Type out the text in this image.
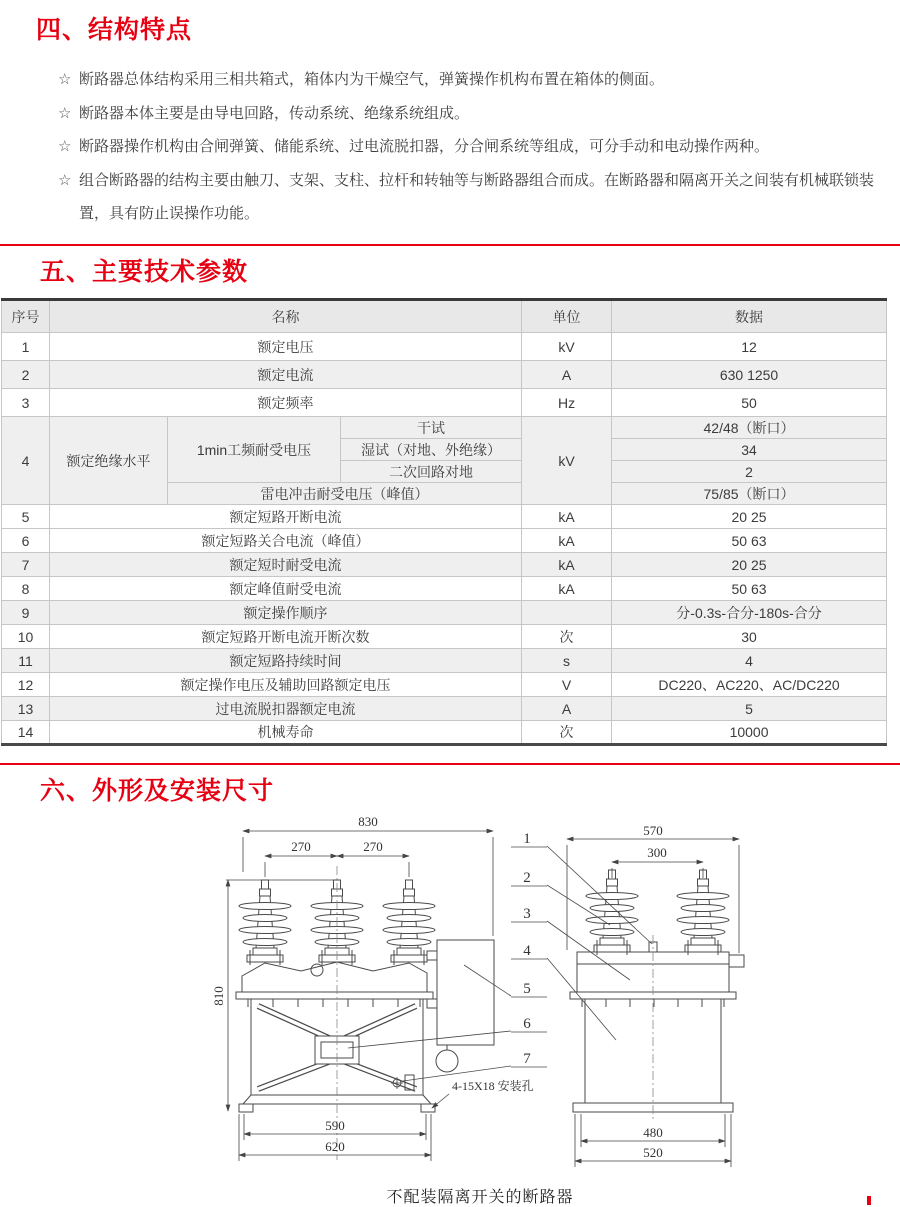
四、结构特点

☆ 断路器总体结构采用三相共箱式，箱体内为干燥空气，弹簧操作机构布置在箱体的侧面。

☆ 断路器本体主要是由导电回路，传动系统、绝缘系统组成。

☆ 断路器操作机构由合闸弹簧、储能系统、过电流脱扣器，分合闸系统等组成，可分手动和电动操作两种。

☆ 组合断路器的结构主要由触刀、支架、支柱、拉杆和转轴等与断路器组合而成。在断路器和隔离开关之间装有机械联锁装置，具有防止误操作功能。

五、主要技术参数
序号	名称			单位	数据
1	额定电压			kV	12
2	额定电流			A	630 1250
3	额定频率			Hz	50
4	额定绝缘水平	1min工频耐受电压	干试	kV	42/48（断口）
			湿试（对地、外绝缘）		34
			二次回路对地		2
		雷电冲击耐受电压（峰值）			75/85（断口）
5	额定短路开断电流			kA	20 25
6	额定短路关合电流（峰值）			kA	50 63
7	额定短时耐受电流			kA	20 25
8	额定峰值耐受电流			kA	50 63
9	额定操作顺序				分-0.3s-合分-180s-合分
10	额定短路开断电流开断次数			次	30
11	额定短路持续时间			s	4
12	额定操作电压及辅助回路额定电压			V	DC220、AC220、AC/DC220
13	过电流脱扣器额定电流			A	5
14	机械寿命			次	10000
六、外形及安装尺寸
830
270	270
810
590
620
4-15X18 安装孔
570
300
480
520
1
2
3
4
5
6
7
不配装隔离开关的断路器
